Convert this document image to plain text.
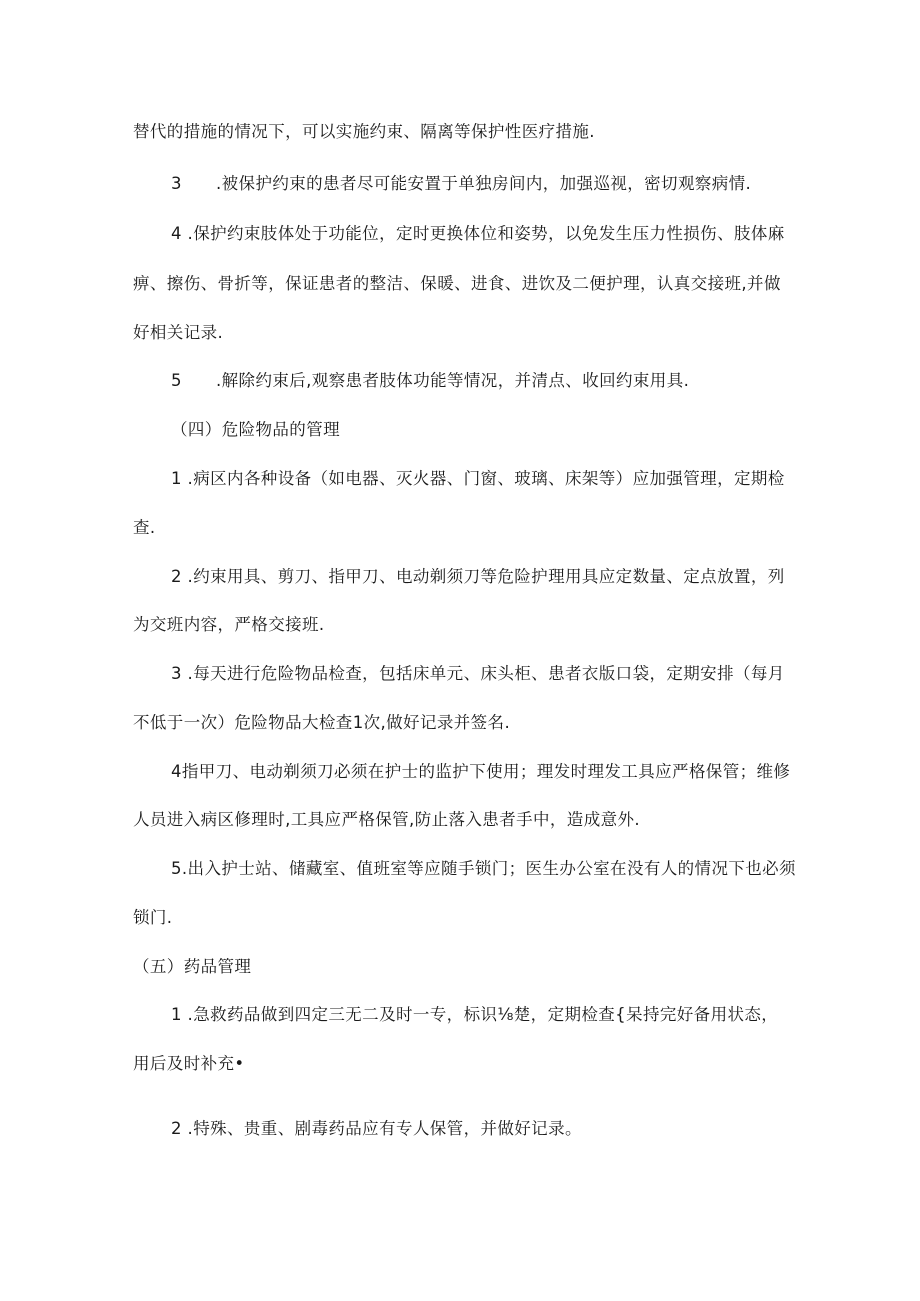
替代的措施的情况下，可以实施约束、隔离等保护性医疗措施.
3 .被保护约束的患者尽可能安置于单独房间内，加强巡视，密切观察病情.
4 .保护约束肢体处于功能位，定时更换体位和姿势，以免发生压力性损伤、肢体麻
痹、擦伤、骨折等，保证患者的整洁、保暖、进食、进饮及二便护理，认真交接班,并做
好相关记录.
5 .解除约束后,观察患者肢体功能等情况，并清点、收回约束用具.
（四）危险物品的管理
1 .病区内各种设备（如电器、灭火器、门窗、玻璃、床架等）应加强管理，定期检
查.
2 .约束用具、剪刀、指甲刀、电动剃须刀等危险护理用具应定数量、定点放置，列
为交班内容，严格交接班.
3 .每天进行危险物品检查，包括床单元、床头柜、患者衣版口袋，定期安排（每月
不低于一次）危险物品大检查1次,做好记录并签名.
4指甲刀、电动剃须刀必须在护士的监护下使用；理发时理发工具应严格保管；维修
人员进入病区修理时,工具应严格保管,防止落入患者手中，造成意外.
5.出入护士站、储藏室、值班室等应随手锁门；医生办公室在没有人的情况下也必须
锁门.
（五）药品管理
1 .急救药品做到四定三无二及时一专，标识⅛楚，定期检查{呆持完好备用状态，
用后及时补充•
2 .特殊、贵重、剧毒药品应有专人保管，并做好记录。
